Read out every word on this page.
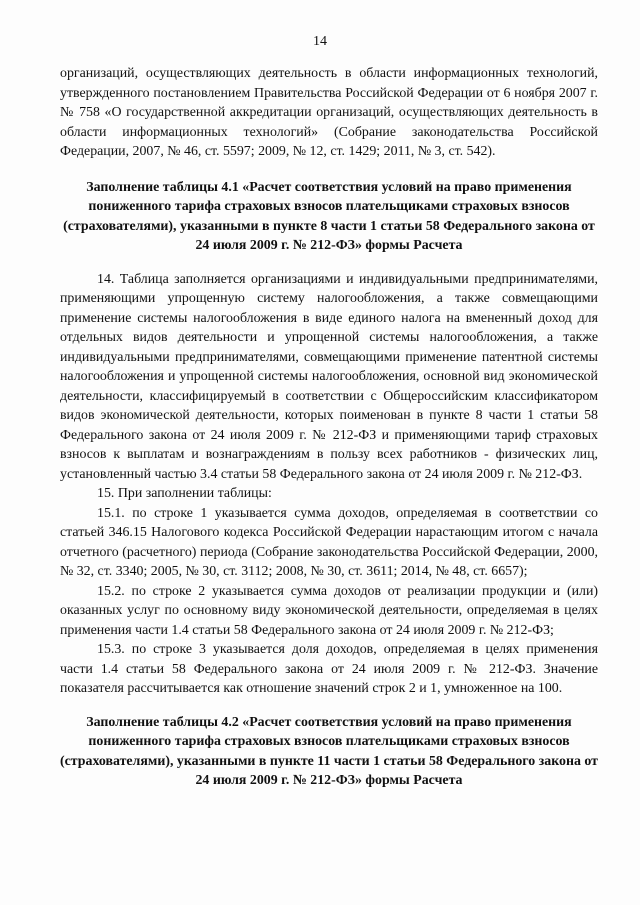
14

организаций, осуществляющих деятельность в области информационных технологий, утвержденного постановлением Правительства Российской Федерации от 6 ноября 2007 г. № 758 «О государственной аккредитации организаций, осуществляющих деятельность в области информационных технологий» (Собрание законодательства Российской Федерации, 2007, № 46, ст. 5597; 2009, № 12, ст. 1429; 2011, № 3, ст. 542).

Заполнение таблицы 4.1 «Расчет соответствия условий на право применения пониженного тарифа страховых взносов плательщиками страховых взносов (страхователями), указанными в пункте 8 части 1 статьи 58 Федерального закона от 24 июля 2009 г. № 212-ФЗ» формы Расчета

14. Таблица заполняется организациями и индивидуальными предпринимателями, применяющими упрощенную систему налогообложения, а также совмещающими применение системы налогообложения в виде единого налога на вмененный доход для отдельных видов деятельности и упрощенной системы налогообложения, а также индивидуальными предпринимателями, совмещающими применение патентной системы налогообложения и упрощенной системы налогообложения, основной вид экономической деятельности, классифицируемый в соответствии с Общероссийским классификатором видов экономической деятельности, которых поименован в пункте 8 части 1 статьи 58 Федерального закона от 24 июля 2009 г. № 212-ФЗ и применяющими тариф страховых взносов к выплатам и вознаграждениям в пользу всех работников - физических лиц, установленный частью 3.4 статьи 58 Федерального закона от 24 июля 2009 г. № 212-ФЗ.

15. При заполнении таблицы:

15.1. по строке 1 указывается сумма доходов, определяемая в соответствии со статьей 346.15 Налогового кодекса Российской Федерации нарастающим итогом с начала отчетного (расчетного) периода (Собрание законодательства Российской Федерации, 2000, № 32, ст. 3340; 2005, № 30, ст. 3112; 2008, № 30, ст. 3611; 2014, № 48, ст. 6657);

15.2. по строке 2 указывается сумма доходов от реализации продукции и (или) оказанных услуг по основному виду экономической деятельности, определяемая в целях применения части 1.4 статьи 58 Федерального закона от 24 июля 2009 г. № 212-ФЗ;

15.3. по строке 3 указывается доля доходов, определяемая в целях применения части 1.4 статьи 58 Федерального закона от 24 июля 2009 г. № 212-ФЗ. Значение показателя рассчитывается как отношение значений строк 2 и 1, умноженное на 100.

Заполнение таблицы 4.2 «Расчет соответствия условий на право применения пониженного тарифа страховых взносов плательщиками страховых взносов (страхователями), указанными в пункте 11 части 1 статьи 58 Федерального закона от 24 июля 2009 г. № 212-ФЗ» формы Расчета
